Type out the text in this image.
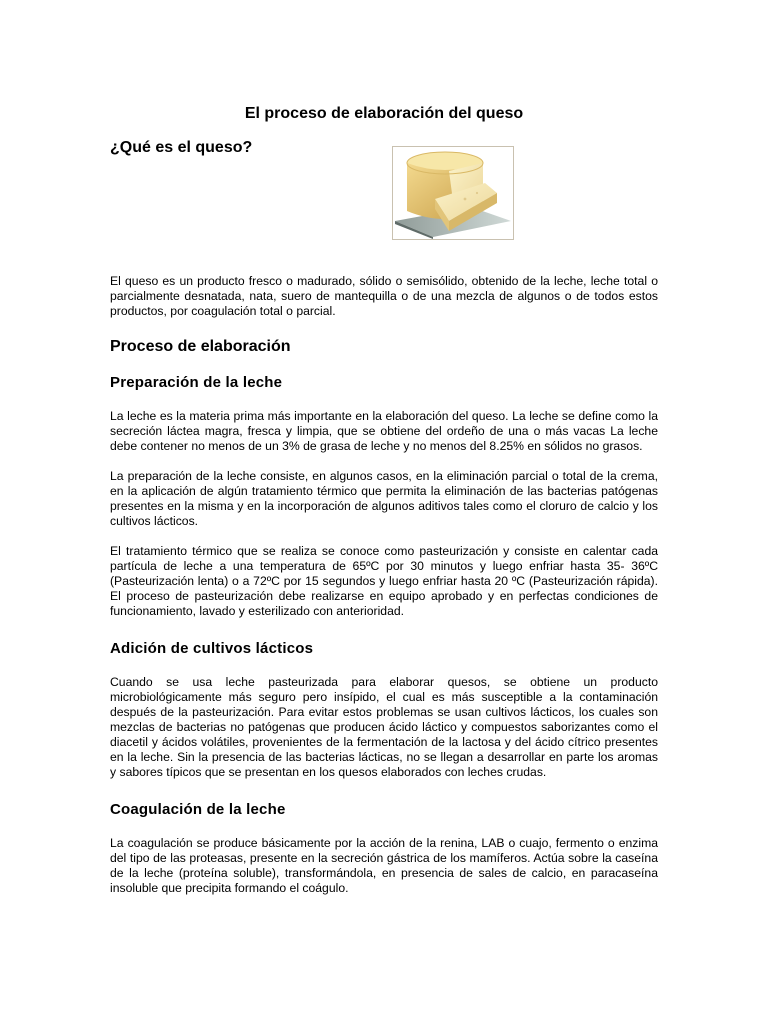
El proceso de elaboración del queso
¿Qué es el queso?

El queso es un producto fresco o madurado, sólido o semisólido, obtenido de la leche, leche total o parcialmente desnatada, nata, suero de mantequilla o de una mezcla de algunos o de todos estos productos, por coagulación total o parcial.

Proceso de elaboración
Preparación de la leche

La leche es la materia prima más importante en la elaboración del queso. La leche se define como la secreción láctea magra, fresca y limpia, que se obtiene del ordeño de una o más vacas La leche debe contener no menos de un 3% de grasa de leche y no menos del 8.25% en sólidos no grasos.

La preparación de la leche consiste, en algunos casos, en la eliminación parcial o total de la crema, en la aplicación de algún tratamiento térmico que permita la eliminación de las bacterias patógenas presentes en la misma y en la incorporación de algunos aditivos tales como el cloruro de calcio y los cultivos lácticos.

El tratamiento térmico que se realiza se conoce como pasteurización y consiste en calentar cada partícula de leche a una temperatura de 65ºC por 30 minutos y luego enfriar hasta 35- 36ºC (Pasteurización lenta) o a 72ºC por 15 segundos y luego enfriar hasta 20 ºC (Pasteurización rápida). El proceso de pasteurización debe realizarse en equipo aprobado y en perfectas condiciones de funcionamiento, lavado y esterilizado con anterioridad.

Adición de cultivos lácticos

Cuando se usa leche pasteurizada para elaborar quesos, se obtiene un producto microbiológicamente más seguro pero insípido, el cual es más susceptible a la contaminación después de la pasteurización. Para evitar estos problemas se usan cultivos lácticos, los cuales son mezclas de bacterias no patógenas que producen ácido láctico y compuestos saborizantes como el diacetil y ácidos volátiles, provenientes de la fermentación de la lactosa y del ácido cítrico presentes en la leche. Sin la presencia de las bacterias lácticas, no se llegan a desarrollar en parte los aromas y sabores típicos que se presentan en los quesos elaborados con leches crudas.

Coagulación de la leche

La coagulación se produce básicamente por la acción de la renina, LAB o cuajo, fermento o enzima del tipo de las proteasas, presente en la secreción gástrica de los mamíferos. Actúa sobre la caseína de la leche (proteína soluble), transformándola, en presencia de sales de calcio, en paracaseína insoluble que precipita formando el coágulo.
